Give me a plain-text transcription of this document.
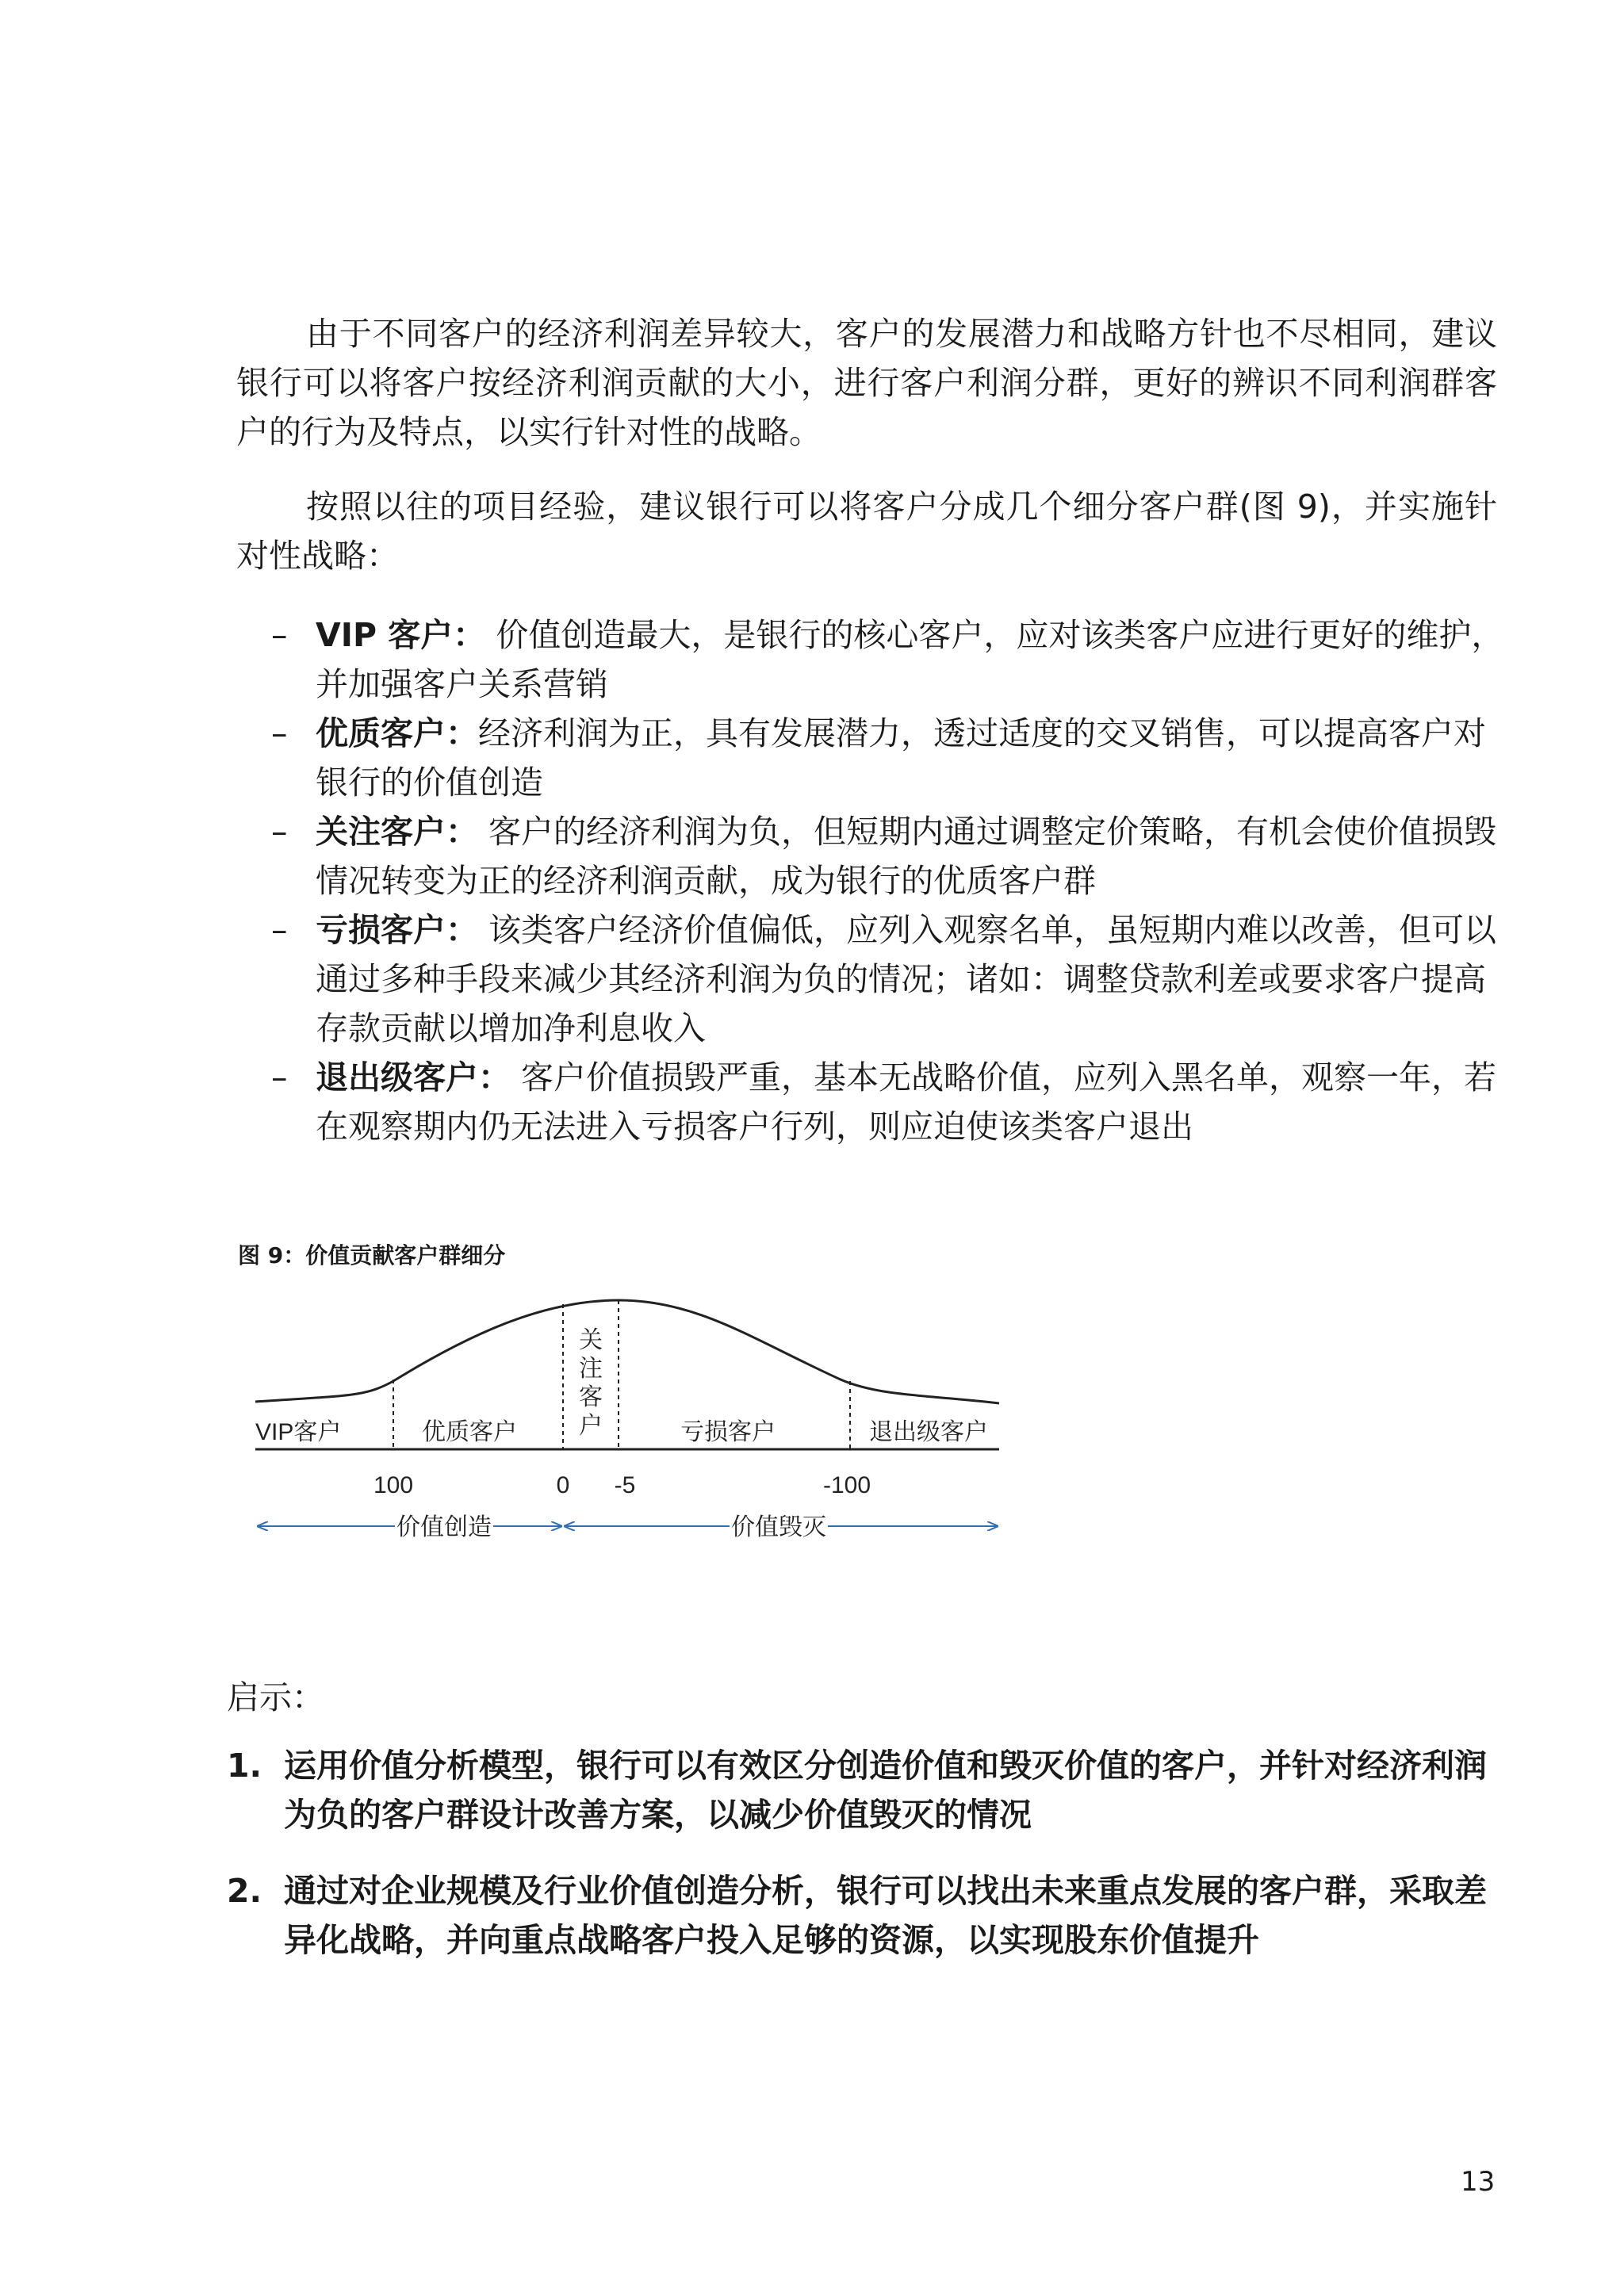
由于不同客户的经济利润差异较大，客户的发展潜力和战略方针也不尽相同，建议银行可以将客户按经济利润贡献的大小，进行客户利润分群，更好的辨识不同利润群客户的行为及特点，以实行针对性的战略。

按照以往的项目经验，建议银行可以将客户分成几个细分客户群(图 9)，并实施针对性战略：

– VIP 客户： 价值创造最大，是银行的核心客户，应对该类客户应进行更好的维护，并加强客户关系营销
– 优质客户：经济利润为正，具有发展潜力，透过适度的交叉销售，可以提高客户对银行的价值创造
– 关注客户： 客户的经济利润为负，但短期内通过调整定价策略，有机会使价值损毁情况转变为正的经济利润贡献，成为银行的优质客户群
– 亏损客户： 该类客户经济价值偏低，应列入观察名单，虽短期内难以改善，但可以通过多种手段来减少其经济利润为负的情况；诸如：调整贷款利差或要求客户提高存款贡献以增加净利息收入
– 退出级客户： 客户价值损毁严重，基本无战略价值，应列入黑名单，观察一年，若在观察期内仍无法进入亏损客户行列，则应迫使该类客户退出

图 9：价值贡献客户群细分

VIP客户	优质客户
关注客户	亏损客户	退出级客户
100	0 -5	-100
价值创造	价值毁灭

启示：

1. 运用价值分析模型，银行可以有效区分创造价值和毁灭价值的客户，并针对经济利润为负的客户群设计改善方案，以减少价值毁灭的情况
2. 通过对企业规模及行业价值创造分析，银行可以找出未来重点发展的客户群，采取差异化战略，并向重点战略客户投入足够的资源，以实现股东价值提升

13
